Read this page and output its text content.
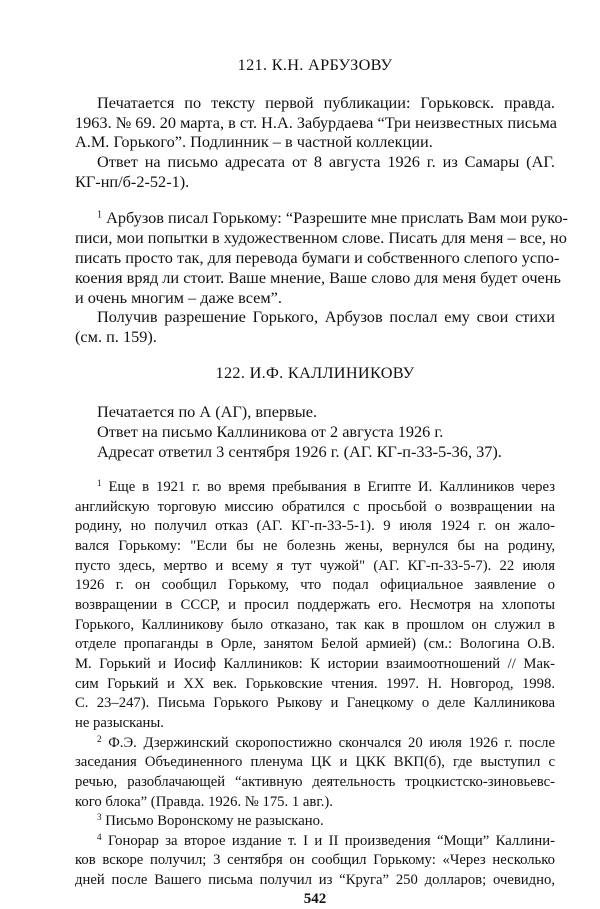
121. К.Н. АРБУЗОВУ
Печатается по тексту первой публикации: Горьковск. правда.
1963. № 69. 20 марта, в ст. Н.А. Забурдаева “Три неизвестных письма
А.М. Горького”. Подлинник – в частной коллекции.
Ответ на письмо адресата от 8 августа 1926 г. из Самары (АГ.
КГ-нп/б-2-52-1).
$^1$ Арбузов писал Горькому: “Разрешите мне прислать Вам мои руко-
писи, мои попытки в художественном слове. Писать для меня – все, но
писать просто так, для перевода бумаги и собственного слепого успо-
коения вряд ли стоит. Ваше мнение, Ваше слово для меня будет очень
и очень многим – даже всем”.
Получив разрешение Горького, Арбузов послал ему свои стихи
(см. п. 159).
122. И.Ф. КАЛЛИНИКОВУ
Печатается по А (АГ), впервые.
Ответ на письмо Каллиникова от 2 августа 1926 г.
Адресат ответил 3 сентября 1926 г. (АГ. КГ-п-33-5-36, 37).
$^1$ Еще в 1921 г. во время пребывания в Египте И. Каллиников через
английскую торговую миссию обратился с просьбой о возвращении на
родину, но получил отказ (АГ. КГ-п-33-5-1). 9 июля 1924 г. он жало-
вался Горькому: "Если бы не болезнь жены, вернулся бы на родину,
пусто здесь, мертво и всему я тут чужой" (АГ. КГ-п-33-5-7). 22 июля
1926 г. он сообщил Горькому, что подал официальное заявление о
возвращении в СССР, и просил поддержать его. Несмотря на хлопоты
Горького, Каллиникову было отказано, так как в прошлом он служил в
отделе пропаганды в Орле, занятом Белой армией) (см.: Вологина О.В.
М. Горький и Иосиф Каллиников: К истории взаимоотношений // Мак-
сим Горький и XX век. Горьковские чтения. 1997. Н. Новгород, 1998.
С. 23–247). Письма Горького Рыкову и Ганецкому о деле Каллиникова
не разысканы.
$^2$ Ф.Э. Дзержинский скоропостижно скончался 20 июля 1926 г. после
заседания Объединенного пленума ЦК и ЦКК ВКП(б), где выступил с
речью, разоблачающей “активную деятельность троцкистско-зиновьевс-
кого блока” (Правда. 1926. № 175. 1 авг.).
$^3$ Письмо Воронскому не разыскано.
$^4$ Гонорар за второе издание т. I и II произведения “Мощи” Каллини-
ков вскоре получил; 3 сентября он сообщил Горькому: «Через несколько
дней после Вашего письма получил из “Круга” 250 долларов; очевидно,
542
